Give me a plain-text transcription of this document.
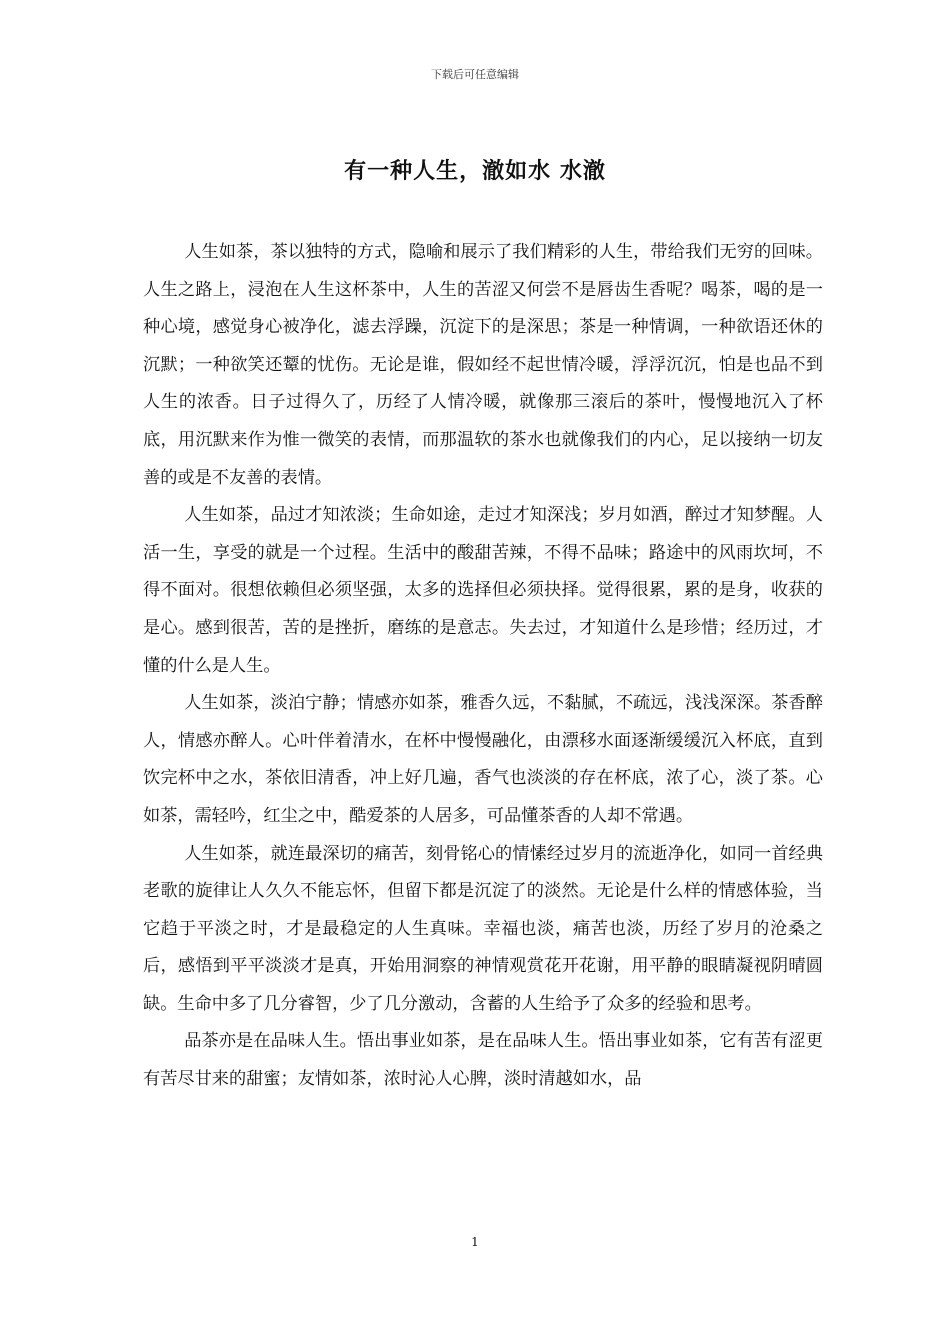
下载后可任意编辑
有一种人生，澈如水 水澈

人生如茶，茶以独特的方式，隐喻和展示了我们精彩的人生，带给我们无穷的回味。人生之路上，浸泡在人生这杯茶中，人生的苦涩又何尝不是唇齿生香呢？喝茶，喝的是一种心境，感觉身心被净化，滤去浮躁，沉淀下的是深思；茶是一种情调，一种欲语还休的沉默；一种欲笑还颦的忧伤。无论是谁，假如经不起世情冷暖，浮浮沉沉，怕是也品不到人生的浓香。日子过得久了，历经了人情冷暖，就像那三滚后的茶叶，慢慢地沉入了杯底，用沉默来作为惟一微笑的表情，而那温软的茶水也就像我们的内心，足以接纳一切友善的或是不友善的表情。

人生如茶，品过才知浓淡；生命如途，走过才知深浅；岁月如酒，醉过才知梦醒。人活一生，享受的就是一个过程。生活中的酸甜苦辣，不得不品味；路途中的风雨坎坷，不得不面对。很想依赖但必须坚强，太多的选择但必须抉择。觉得很累，累的是身，收获的是心。感到很苦，苦的是挫折，磨练的是意志。失去过，才知道什么是珍惜；经历过，才懂的什么是人生。

人生如茶，淡泊宁静；情感亦如茶，雅香久远，不黏腻，不疏远，浅浅深深。茶香醉人，情感亦醉人。心叶伴着清水，在杯中慢慢融化，由漂移水面逐渐缓缓沉入杯底，直到饮完杯中之水，茶依旧清香，冲上好几遍，香气也淡淡的存在杯底，浓了心，淡了茶。心如茶，需轻吟，红尘之中，酷爱茶的人居多，可品懂茶香的人却不常遇。

人生如茶，就连最深切的痛苦，刻骨铭心的情愫经过岁月的流逝净化，如同一首经典老歌的旋律让人久久不能忘怀，但留下都是沉淀了的淡然。无论是什么样的情感体验，当它趋于平淡之时，才是最稳定的人生真味。幸福也淡，痛苦也淡，历经了岁月的沧桑之后，感悟到平平淡淡才是真，开始用洞察的神情观赏花开花谢，用平静的眼睛凝视阴晴圆缺。生命中多了几分睿智，少了几分激动，含蓄的人生给予了众多的经验和思考。

品茶亦是在品味人生。悟出事业如茶，是在品味人生。悟出事业如茶，它有苦有涩更有苦尽甘来的甜蜜；友情如茶，浓时沁人心脾，淡时清越如水，品

1
